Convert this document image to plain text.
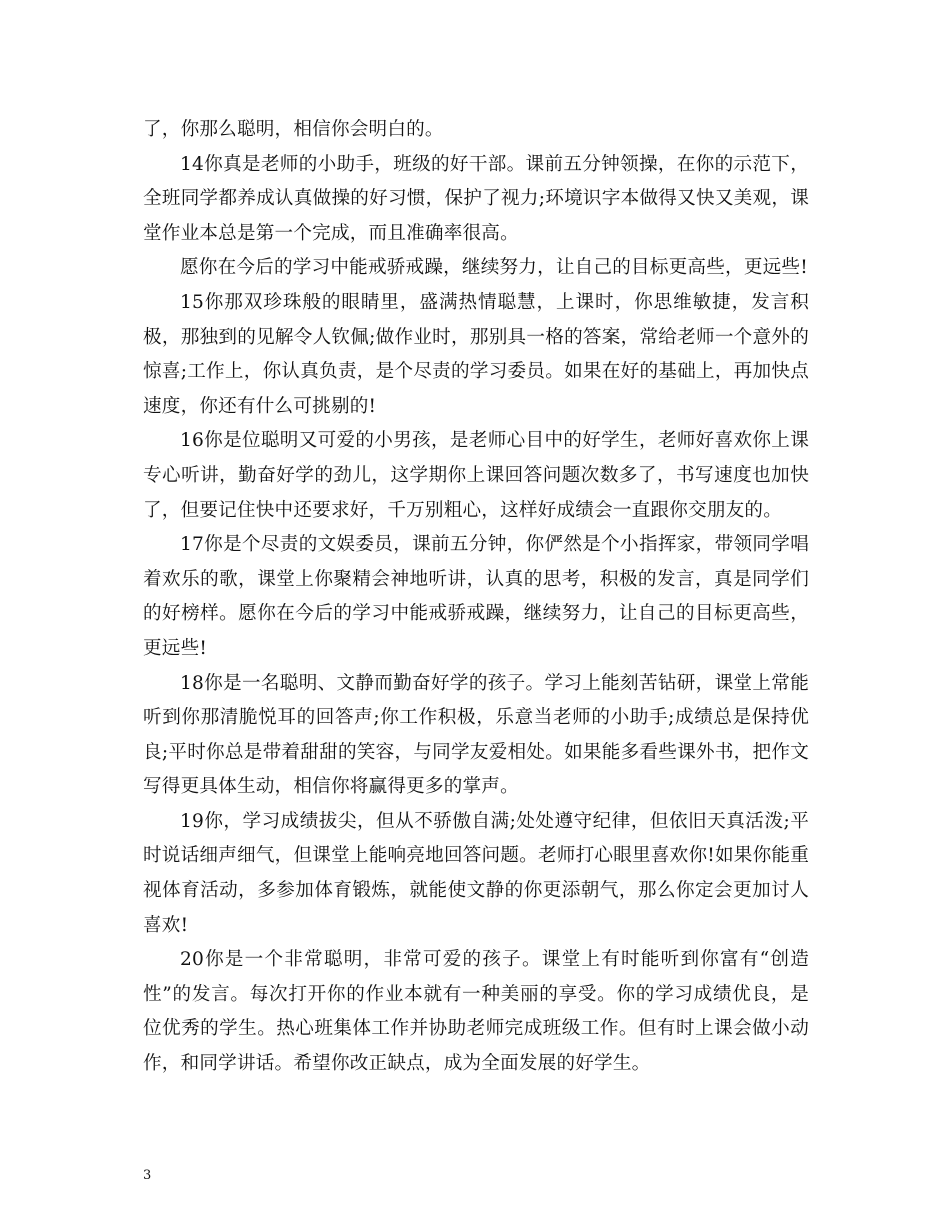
了，你那么聪明，相信你会明白的。

14你真是老师的小助手，班级的好干部。课前五分钟领操，在你的示范下，全班同学都养成认真做操的好习惯，保护了视力;环境识字本做得又快又美观，课堂作业本总是第一个完成，而且准确率很高。

愿你在今后的学习中能戒骄戒躁，继续努力，让自己的目标更高些，更远些!

15你那双珍珠般的眼睛里，盛满热情聪慧，上课时，你思维敏捷，发言积极，那独到的见解令人钦佩;做作业时，那别具一格的答案，常给老师一个意外的惊喜;工作上，你认真负责，是个尽责的学习委员。如果在好的基础上，再加快点速度，你还有什么可挑剔的!

16你是位聪明又可爱的小男孩，是老师心目中的好学生，老师好喜欢你上课专心听讲，勤奋好学的劲儿，这学期你上课回答问题次数多了，书写速度也加快了，但要记住快中还要求好，千万别粗心，这样好成绩会一直跟你交朋友的。

17你是个尽责的文娱委员，课前五分钟，你俨然是个小指挥家，带领同学唱着欢乐的歌，课堂上你聚精会神地听讲，认真的思考，积极的发言，真是同学们的好榜样。愿你在今后的学习中能戒骄戒躁，继续努力，让自己的目标更高些，更远些!

18你是一名聪明、文静而勤奋好学的孩子。学习上能刻苦钻研，课堂上常能听到你那清脆悦耳的回答声;你工作积极，乐意当老师的小助手;成绩总是保持优良;平时你总是带着甜甜的笑容，与同学友爱相处。如果能多看些课外书，把作文写得更具体生动，相信你将赢得更多的掌声。

19你，学习成绩拔尖，但从不骄傲自满;处处遵守纪律，但依旧天真活泼;平时说话细声细气，但课堂上能响亮地回答问题。老师打心眼里喜欢你!如果你能重视体育活动，多参加体育锻炼，就能使文静的你更添朝气，那么你定会更加讨人喜欢!

20你是一个非常聪明，非常可爱的孩子。课堂上有时能听到你富有“创造性”的发言。每次打开你的作业本就有一种美丽的享受。你的学习成绩优良，是位优秀的学生。热心班集体工作并协助老师完成班级工作。但有时上课会做小动作，和同学讲话。希望你改正缺点，成为全面发展的好学生。

3
